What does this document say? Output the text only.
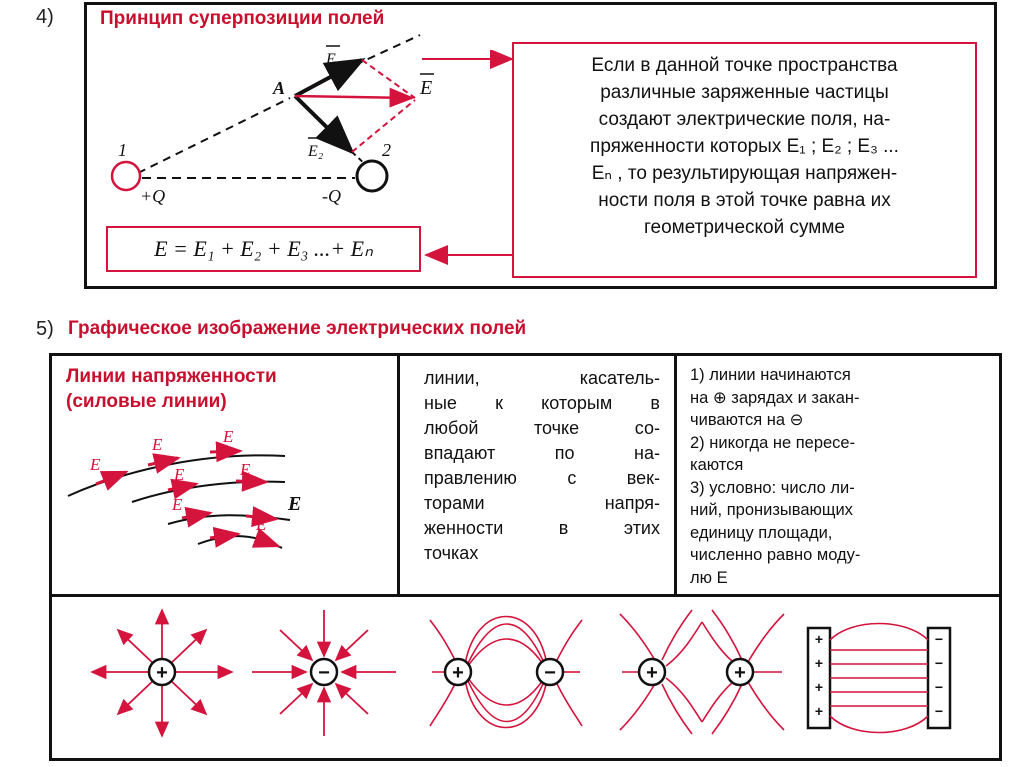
4) Принцип суперпозиции полей
A
1
+Q
2
-Q
E₁
E₂
E
Если в данной точке пространства
различные заряженные частицы
создают электрические поля, на-
пряженности которых E₁ ; E₂ ; E₃ ...
Eₙ , то результирующая напряжен-
ности поля в этой точке равна их
геометрической сумме
E = E₁ + E₂ + E₃ ...+ Eₙ
5) Графическое изображение электрических полей
Линии напряженности
(силовые линии)
E
E	E
E	E
E
E
E
линии, касатель-
ные к которым в
любой точке со-
впадают по на-
правлению с век-
торами напря-
женности в этих
точках
1) линии начинаются
на ⊕ зарядах и закан-
чиваются на ⊖
2) никогда не пересе-
каются
3) условно: число ли-
ний, пронизывающих
единицу площади,
численно равно моду-
лю E
+	−	+	−	+	+
+
+
+
+
−
−
−
−
